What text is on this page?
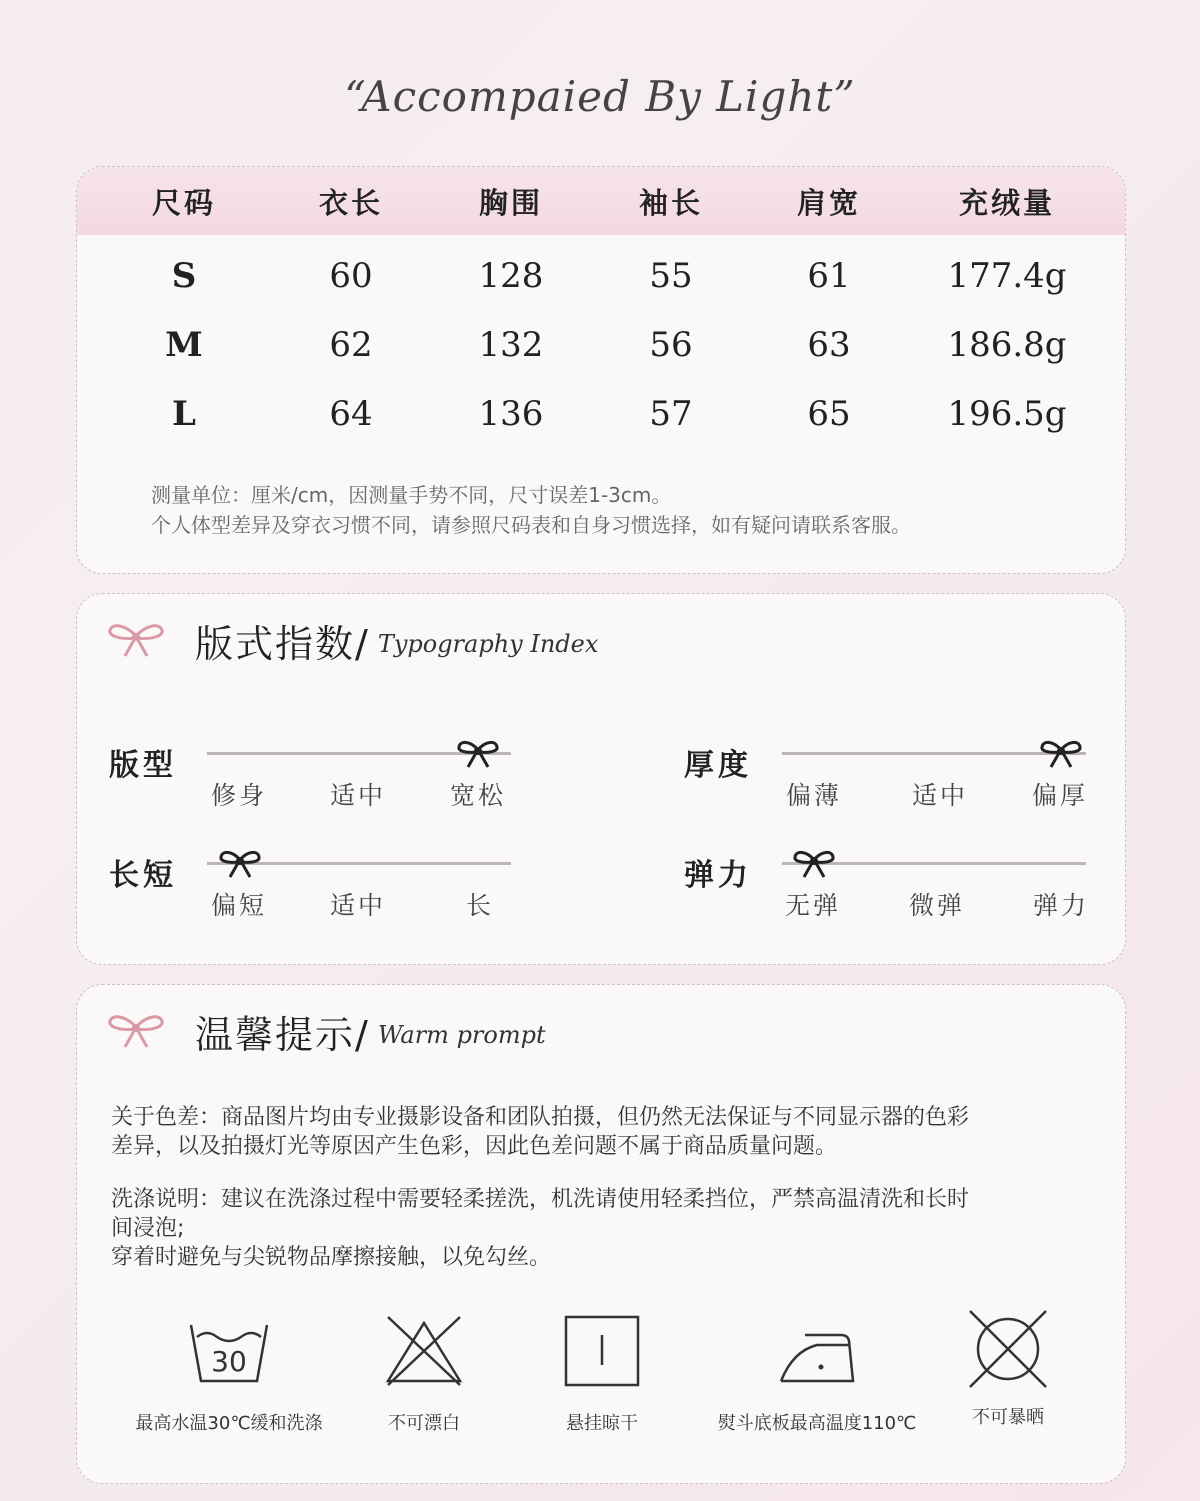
“Accompaied By Light”
尺码	衣长	胸围	袖长	肩宽	充绒量
S	60	128	55	61	177.4g
M	62	132	56	63	186.8g
L	64	136	57	65	196.5g
测量单位：厘米/cm，因测量手势不同，尺寸误差1-3cm。
个人体型差异及穿衣习惯不同，请参照尺码表和自身习惯选择，如有疑问请联系客服。
版式指数/ Typography Index
版型
修身	适中	宽松
厚度
偏薄	适中	偏厚
长短
偏短	适中	长
弹力
无弹	微弹	弹力
温馨提示/ Warm prompt
关于色差：商品图片均由专业摄影设备和团队拍摄，但仍然无法保证与不同显示器的色彩
差异，以及拍摄灯光等原因产生色彩，因此色差问题不属于商品质量问题。
洗涤说明：建议在洗涤过程中需要轻柔搓洗，机洗请使用轻柔挡位，严禁高温清洗和长时
间浸泡;
穿着时避免与尖锐物品摩擦接触，以免勾丝。
30
最高水温30℃缓和洗涤	不可漂白	悬挂晾干	熨斗底板最高温度110℃	不可暴晒
